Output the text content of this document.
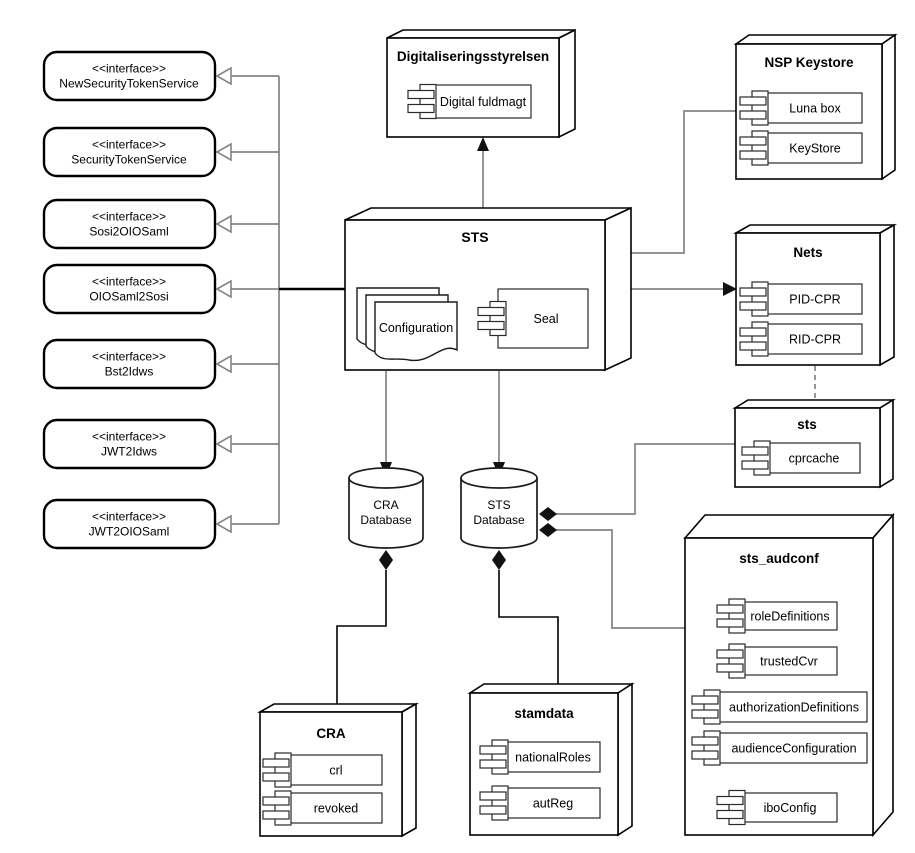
<<interface>>
NewSecurityTokenService
<<interface>>
SecurityTokenService
<<interface>>
Sosi2OIOSaml
<<interface>>
OIOSaml2Sosi
<<interface>>
Bst2Idws
<<interface>>
JWT2Idws
<<interface>>
JWT2OIOSaml
Digitaliseringsstyrelsen
Digital fuldmagt
NSP Keystore
Luna box
KeyStore
STS
Configuration
Seal
Nets
PID-CPR
RID-CPR
sts
cprcache
sts_audconf
roleDefinitions
trustedCvr
authorizationDefinitions
audienceConfiguration
iboConfig
CRA
crl
revoked
stamdata
nationalRoles
autReg
CRA
Database
STS
Database
